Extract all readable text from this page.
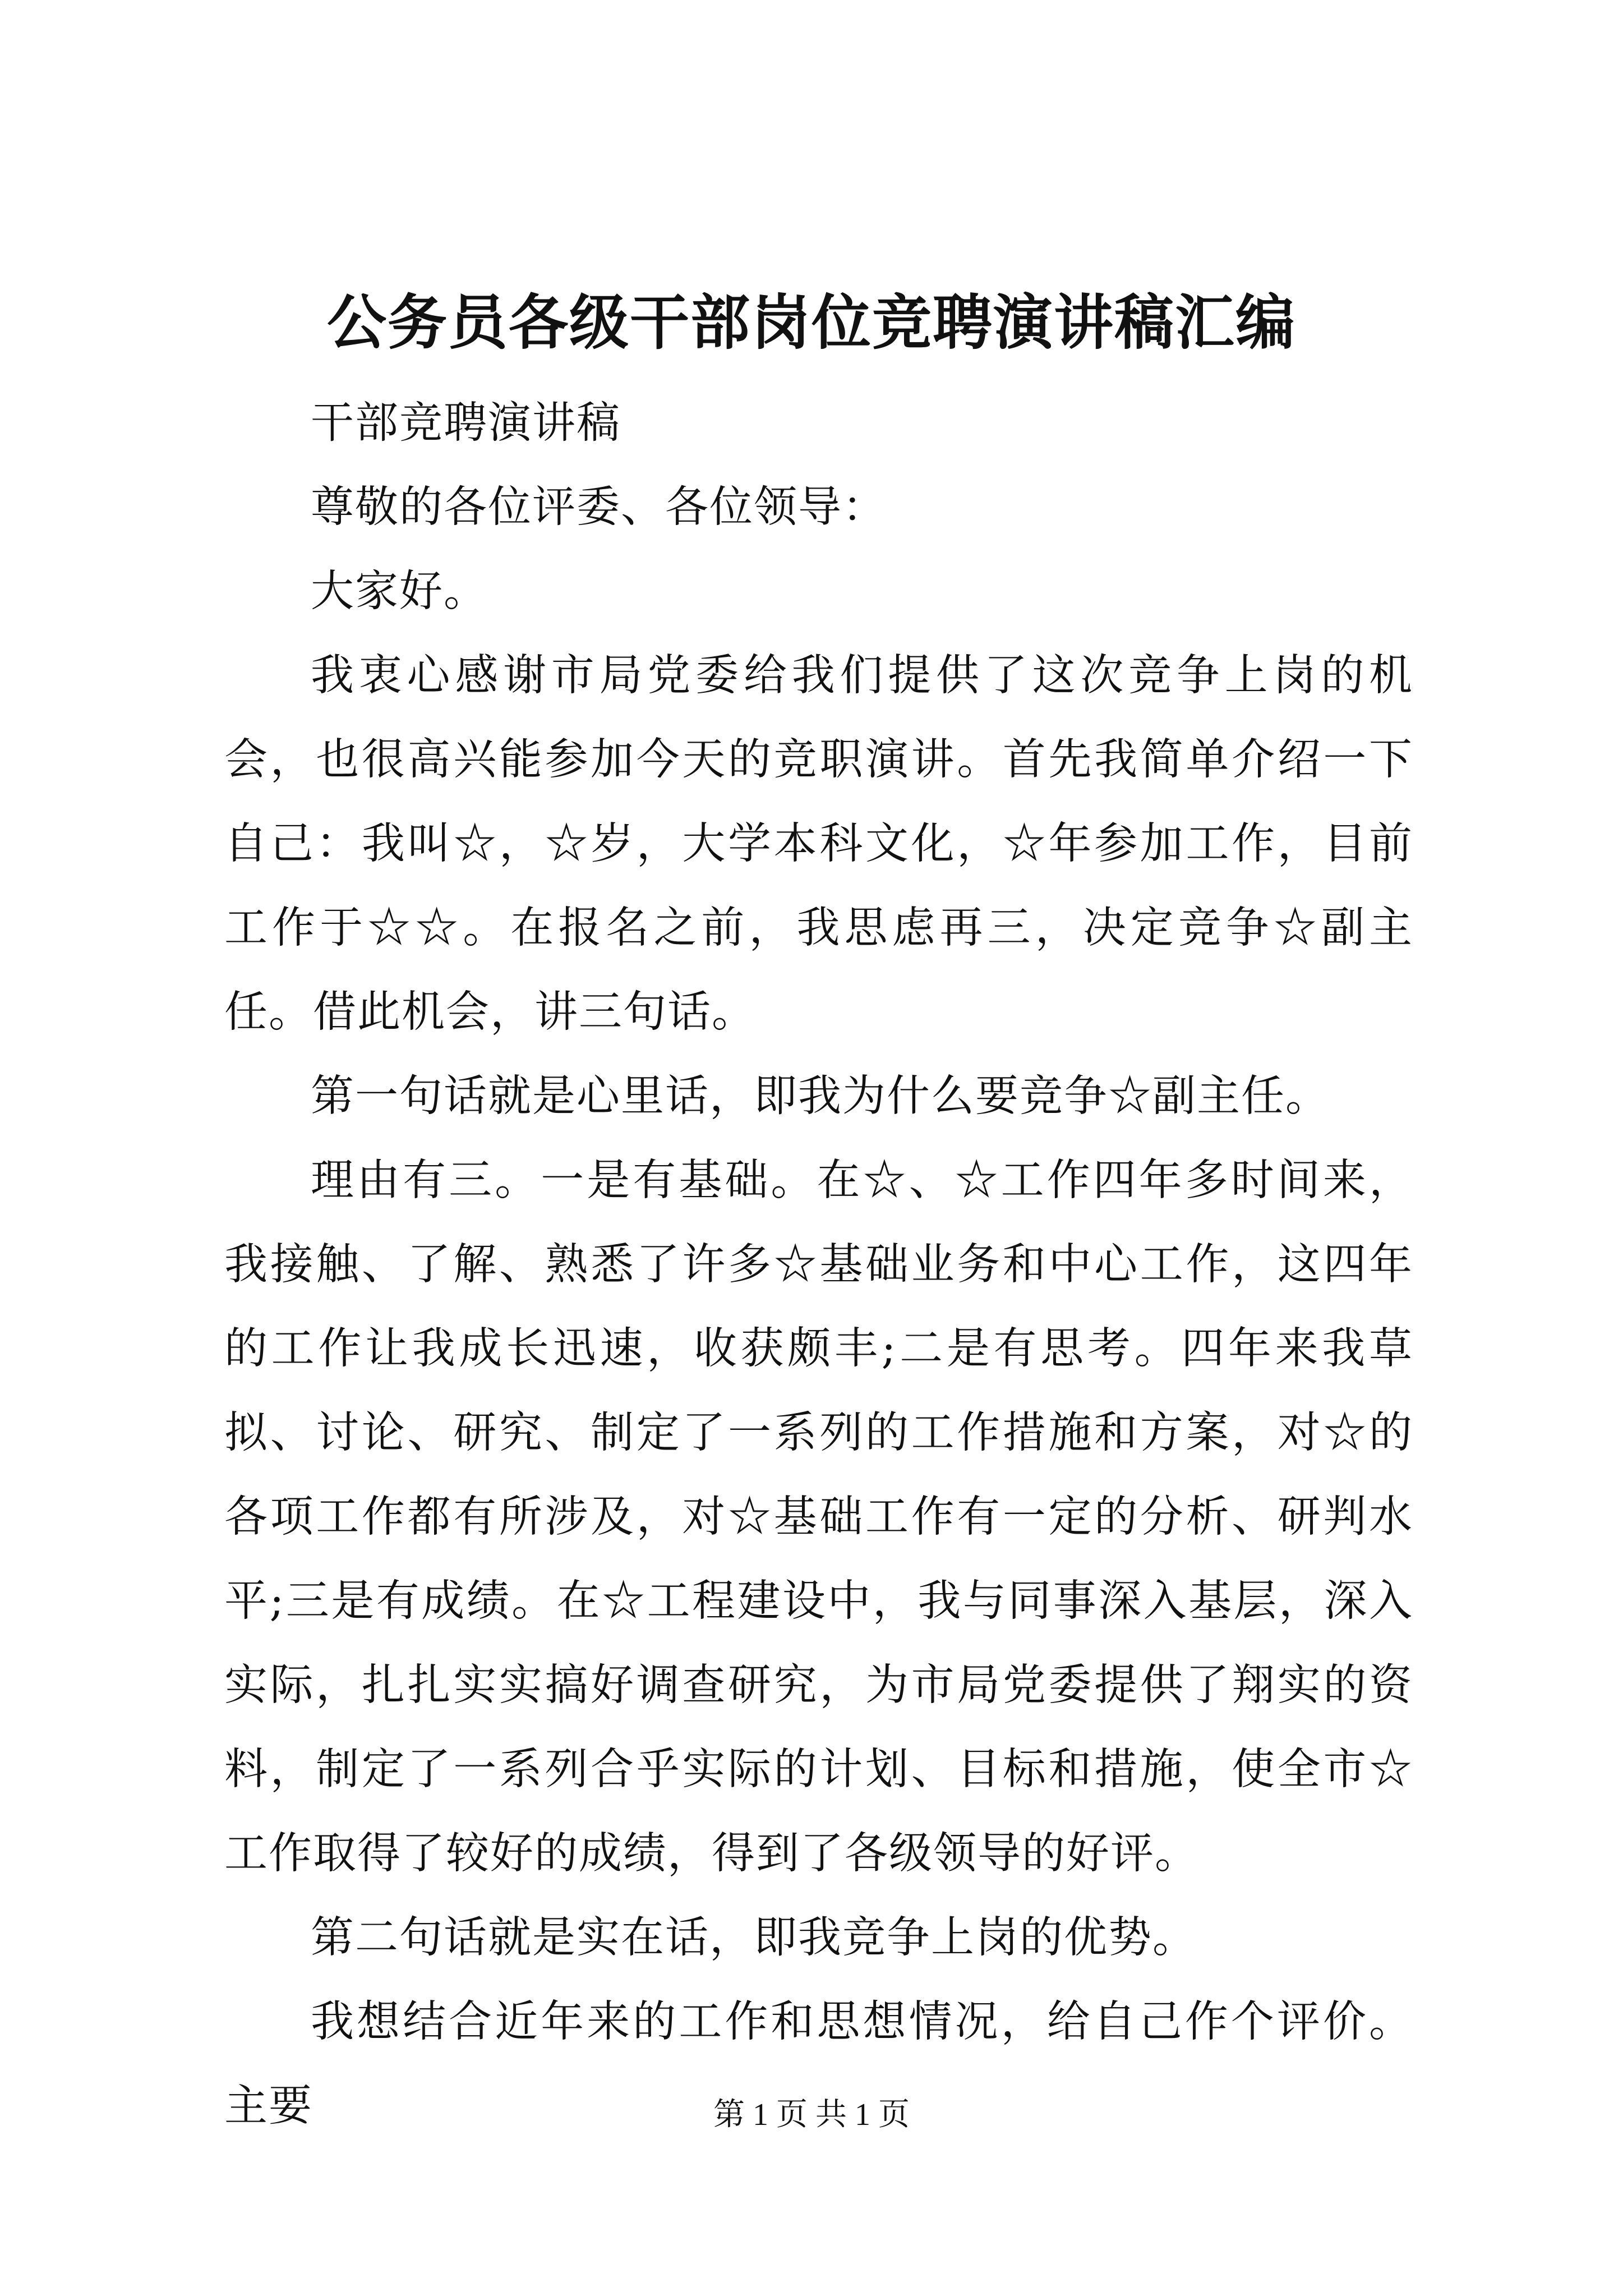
公务员各级干部岗位竞聘演讲稿汇编

干部竞聘演讲稿

尊敬的各位评委、各位领导：

大家好。

我衷心感谢市局党委给我们提供了这次竞争上岗的机会，也很高兴能参加今天的竞职演讲。首先我简单介绍一下自己：我叫☆，☆岁，大学本科文化，☆年参加工作，目前工作于☆☆。在报名之前，我思虑再三，决定竞争☆副主任。借此机会，讲三句话。

第一句话就是心里话，即我为什么要竞争☆副主任。

理由有三。一是有基础。在☆、☆工作四年多时间来，我接触、了解、熟悉了许多☆基础业务和中心工作，这四年的工作让我成长迅速，收获颇丰;二是有思考。四年来我草拟、讨论、研究、制定了一系列的工作措施和方案，对☆的各项工作都有所涉及，对☆基础工作有一定的分析、研判水平;三是有成绩。在☆工程建设中，我与同事深入基层，深入实际，扎扎实实搞好调查研究，为市局党委提供了翔实的资料，制定了一系列合乎实际的计划、目标和措施，使全市☆工作取得了较好的成绩，得到了各级领导的好评。

第二句话就是实在话，即我竞争上岗的优势。

我想结合近年来的工作和思想情况，给自己作个评价。主要	第 1 页 共 1 页
